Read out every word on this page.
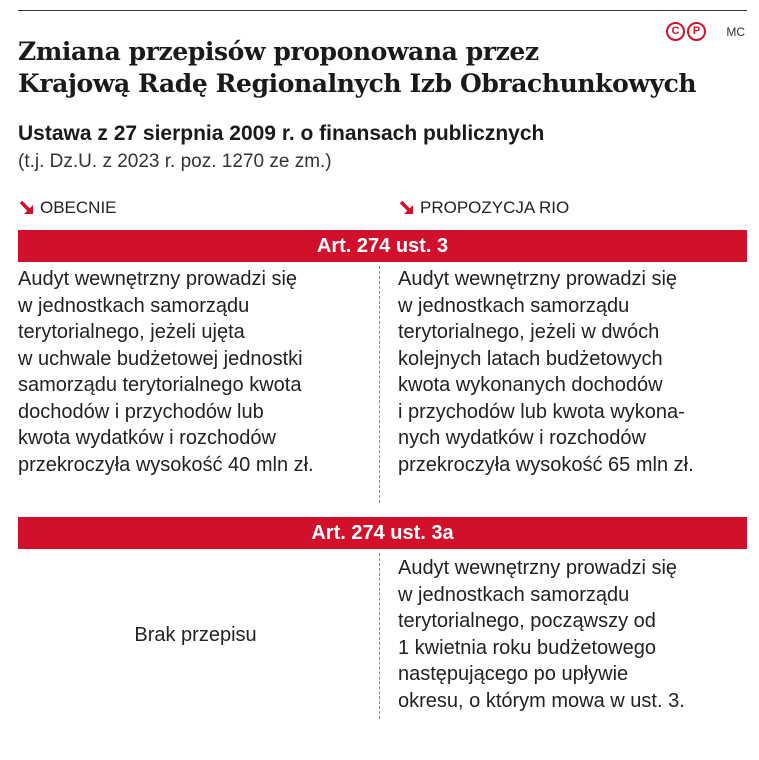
C	P	MC
Zmiana przepisów proponowana przez
Krajową Radę Regionalnych Izb Obrachunkowych
Ustawa z 27 sierpnia 2009 r. o finansach publicznych
(t.j. Dz.U. z 2023 r. poz. 1270 ze zm.)
OBECNIE	PROPOZYCJA RIO
Art. 274 ust. 3

Audyt wewnętrzny prowadzi się
w jednostkach samorządu
terytorialnego, jeżeli ujęta
w uchwale budżetowej jednostki
samorządu terytorialnego kwota
dochodów i przychodów lub
kwota wydatków i rozchodów
przekroczyła wysokość 40 mln zł.

Audyt wewnętrzny prowadzi się
w jednostkach samorządu
terytorialnego, jeżeli w dwóch
kolejnych latach budżetowych
kwota wykonanych dochodów
i przychodów lub kwota wykona-
nych wydatków i rozchodów
przekroczyła wysokość 65 mln zł.

Art. 274 ust. 3a

Brak przepisu

Audyt wewnętrzny prowadzi się
w jednostkach samorządu
terytorialnego, począwszy od
1 kwietnia roku budżetowego
następującego po upływie
okresu, o którym mowa w ust. 3.
